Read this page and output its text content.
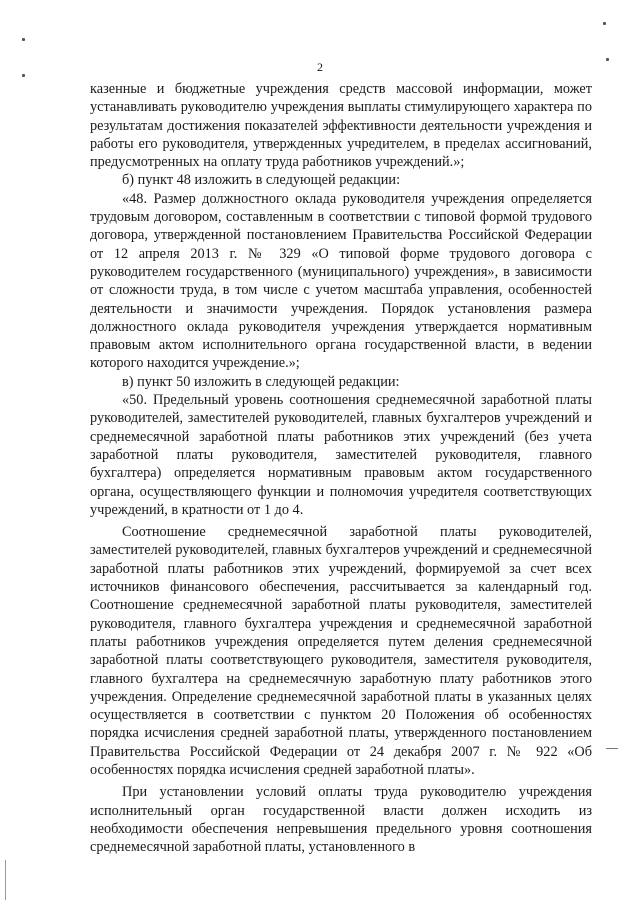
2

казенные и бюджетные учреждения средств массовой информации, может устанавливать руководителю учреждения выплаты стимулирующего характера по результатам достижения показателей эффективности деятельности учреждения и работы его руководителя, утвержденных учредителем, в пределах ассигнований, предусмотренных на оплату труда работников учреждений.»;

б) пункт 48 изложить в следующей редакции:

«48. Размер должностного оклада руководителя учреждения определяется трудовым договором, составленным в соответствии с типовой формой трудового договора, утвержденной постановлением Правительства Российской Федерации от 12 апреля 2013 г. № 329 «О типовой форме трудового договора с руководителем государственного (муниципального) учреждения», в зависимости от сложности труда, в том числе с учетом масштаба управления, особенностей деятельности и значимости учреждения. Порядок установления размера должностного оклада руководителя учреждения утверждается нормативным правовым актом исполнительного органа государственной власти, в ведении которого находится учреждение.»;

в) пункт 50 изложить в следующей редакции:

«50. Предельный уровень соотношения среднемесячной заработной платы руководителей, заместителей руководителей, главных бухгалтеров учреждений и среднемесячной заработной платы работников этих учреждений (без учета заработной платы руководителя, заместителей руководителя, главного бухгалтера) определяется нормативным правовым актом государственного органа, осуществляющего функции и полномочия учредителя соответствующих учреждений, в кратности от 1 до 4.

Соотношение среднемесячной заработной платы руководителей, заместителей руководителей, главных бухгалтеров учреждений и среднемесячной заработной платы работников этих учреждений, формируемой за счет всех источников финансового обеспечения, рассчитывается за календарный год. Соотношение среднемесячной заработной платы руководителя, заместителей руководителя, главного бухгалтера учреждения и среднемесячной заработной платы работников учреждения определяется путем деления среднемесячной заработной платы соответствующего руководителя, заместителя руководителя, главного бухгалтера на среднемесячную заработную плату работников этого учреждения. Определение среднемесячной заработной платы в указанных целях осуществляется в соответствии с пунктом 20 Положения об особенностях порядка исчисления средней заработной платы, утвержденного постановлением Правительства Российской Федерации от 24 декабря 2007 г. № 922 «Об особенностях порядка исчисления средней заработной платы».

При установлении условий оплаты труда руководителю учреждения исполнительный орган государственной власти должен исходить из необходимости обеспечения непревышения предельного уровня соотношения среднемесячной заработной платы, установленного в
